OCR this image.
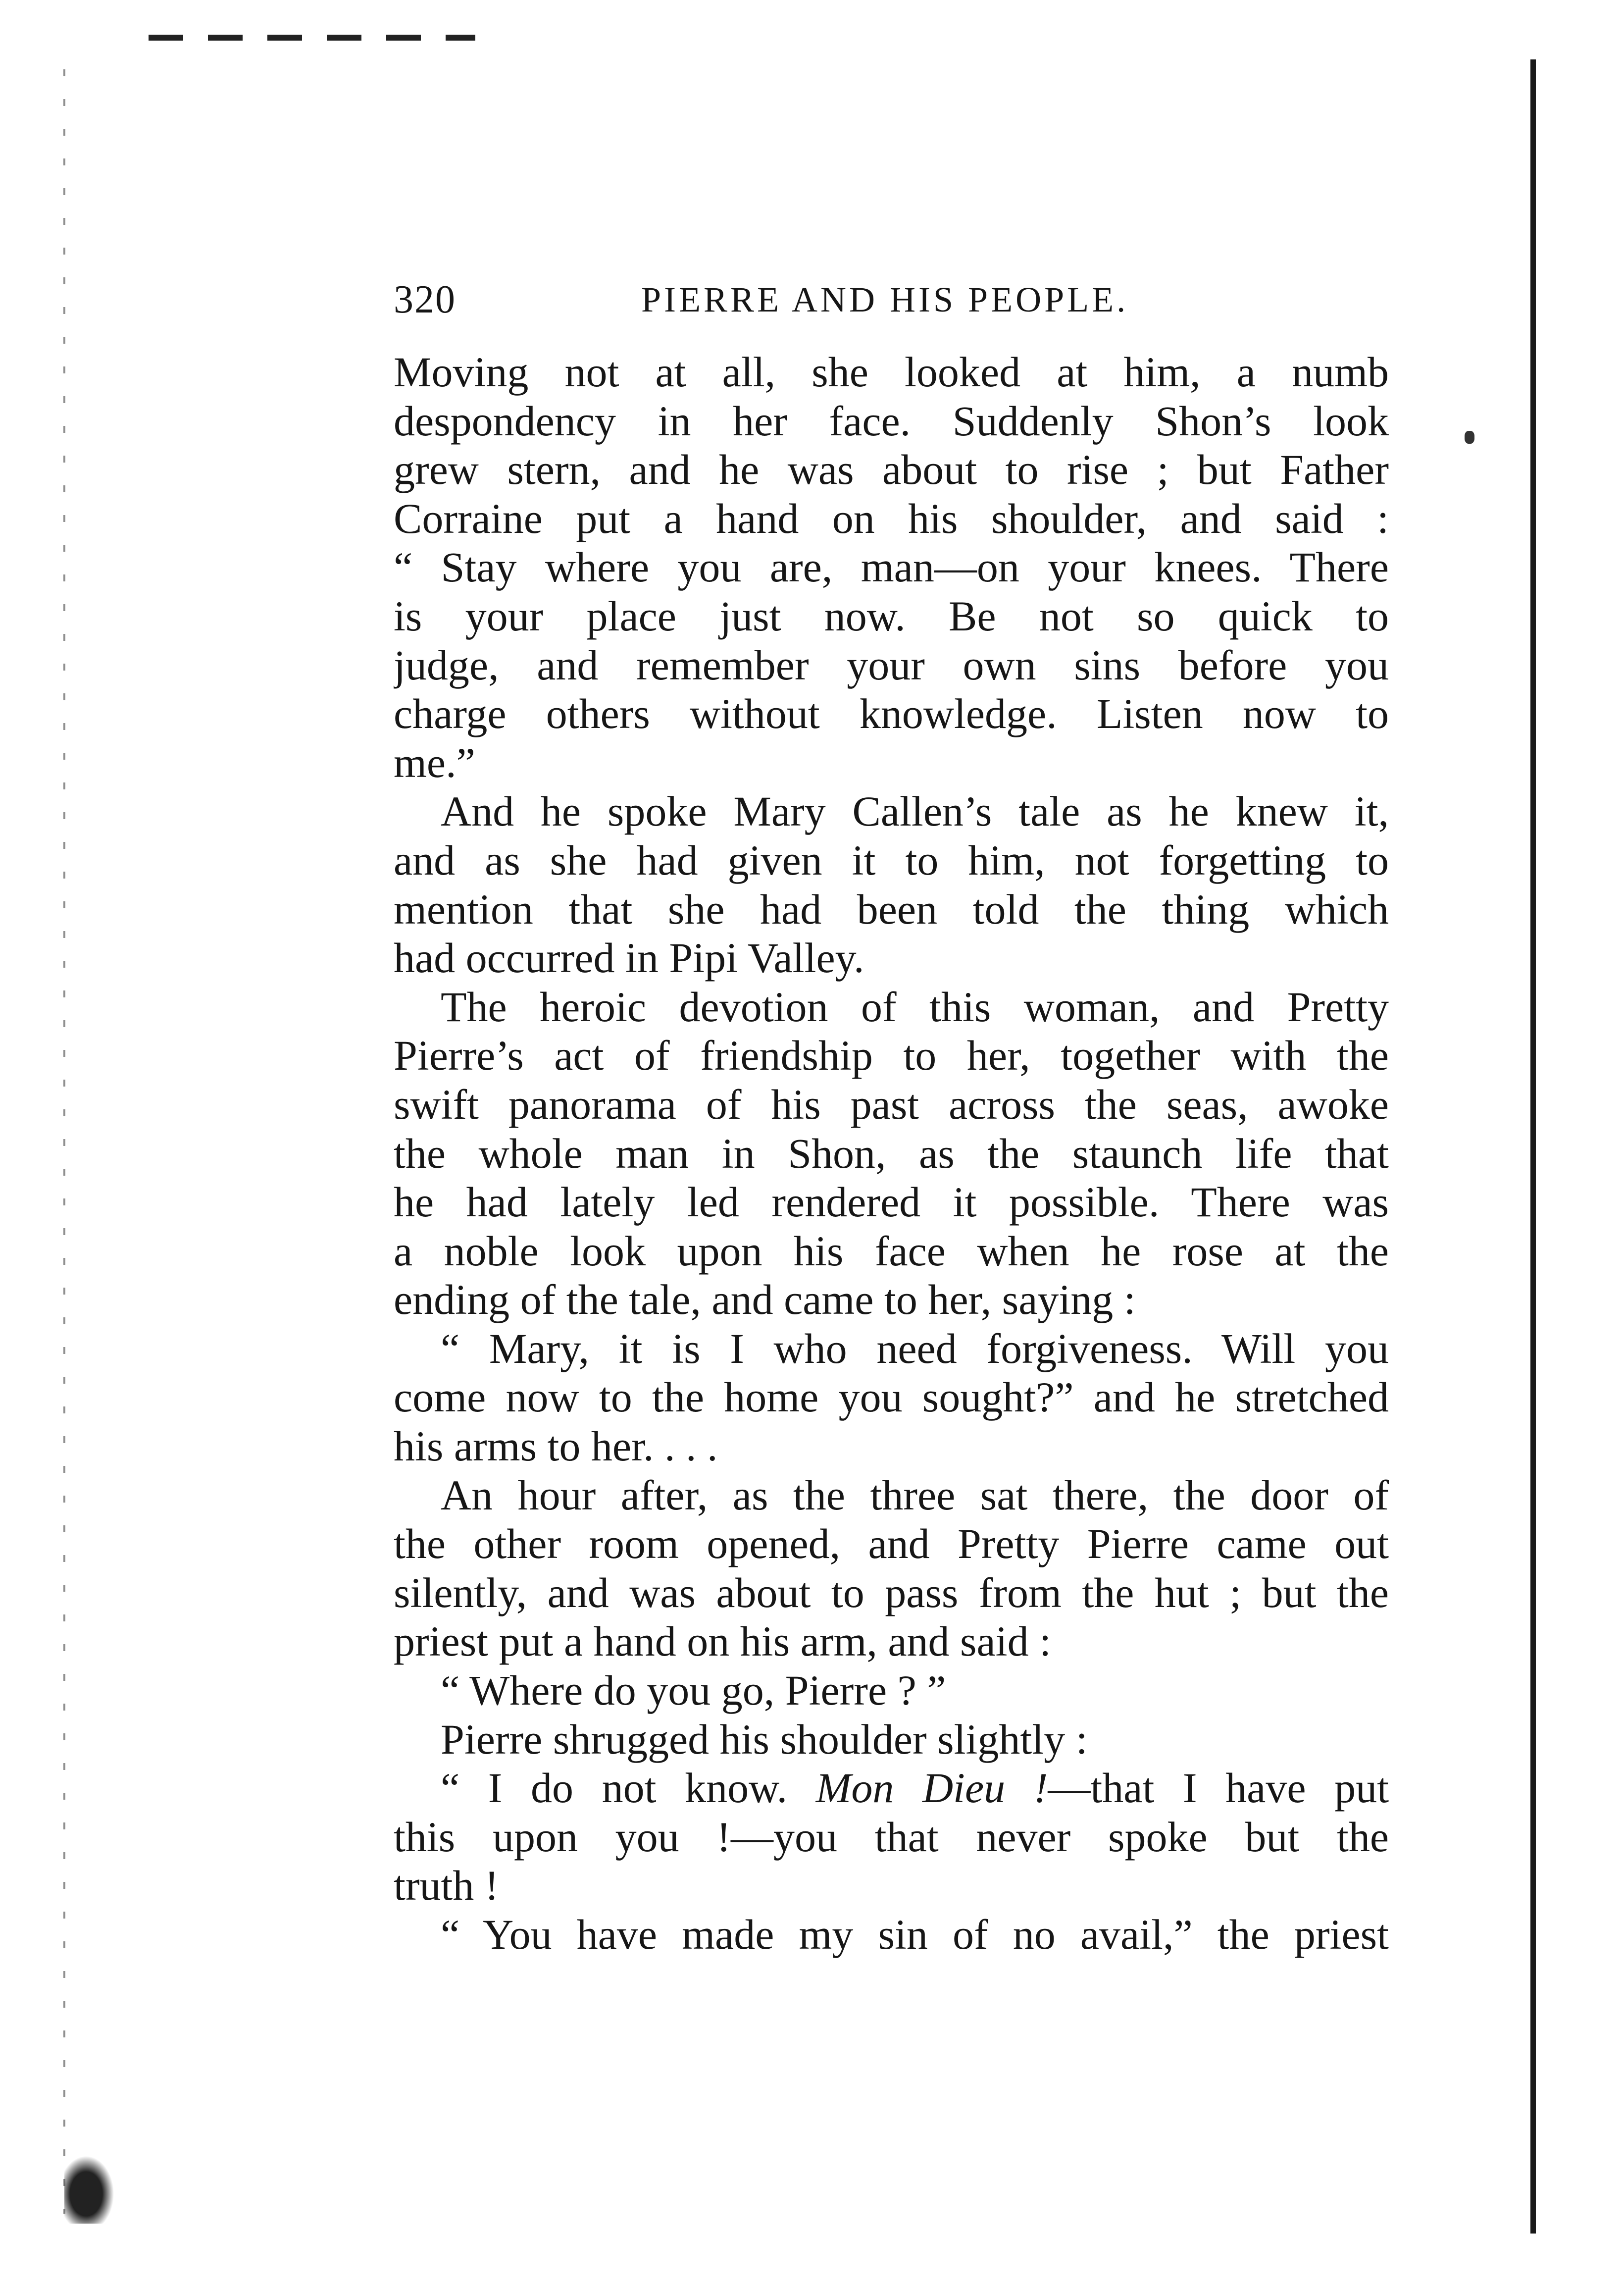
320	PIERRE AND HIS PEOPLE.
Moving not at all, she looked at him, a numb
despondency in her face. Suddenly Shon’s look
grew stern, and he was about to rise ; but Father
Corraine put a hand on his shoulder, and said :
“ Stay where you are, man—on your knees. There
is your place just now. Be not so quick to
judge, and remember your own sins before you
charge others without knowledge. Listen now to
me.”
And he spoke Mary Callen’s tale as he knew it,
and as she had given it to him, not forgetting to
mention that she had been told the thing which
had occurred in Pipi Valley.
The heroic devotion of this woman, and Pretty
Pierre’s act of friendship to her, together with the
swift panorama of his past across the seas, awoke
the whole man in Shon, as the staunch life that
he had lately led rendered it possible. There was
a noble look upon his face when he rose at the
ending of the tale, and came to her, saying :
“ Mary, it is I who need forgiveness. Will you
come now to the home you sought?” and he stretched
his arms to her. . . .
An hour after, as the three sat there, the door of
the other room opened, and Pretty Pierre came out
silently, and was about to pass from the hut ; but the
priest put a hand on his arm, and said :
“ Where do you go, Pierre ? ”
Pierre shrugged his shoulder slightly :
“ I do not know. Mon Dieu !—that I have put
this upon you !—you that never spoke but the
truth !
“ You have made my sin of no avail,” the priest
